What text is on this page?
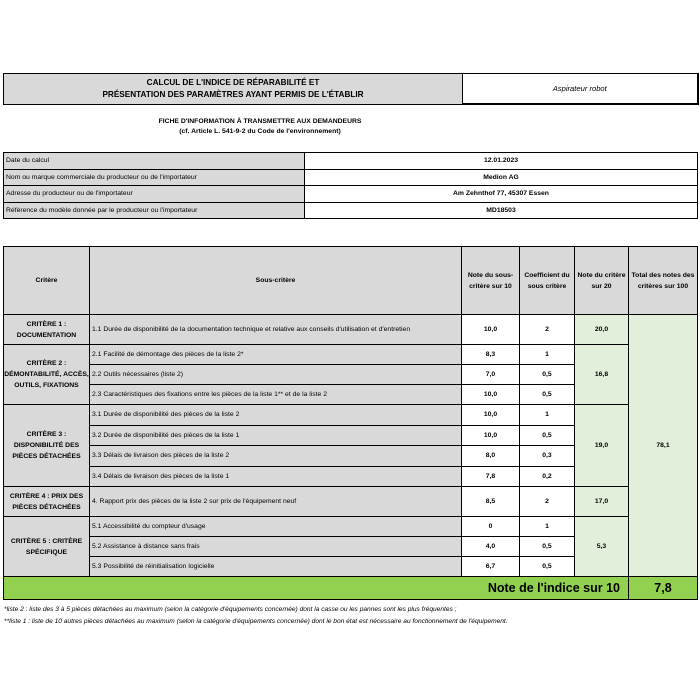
CALCUL DE L'INDICE DE RÉPARABILITÉ ET
PRÉSENTATION DES PARAMÈTRES AYANT PERMIS DE L'ÉTABLIR
	Aspirateur robot
FICHE D'INFORMATION À TRANSMETTRE AUX DEMANDEURS
(cf. Article L. 541-9-2 du Code de l'environnement)
Date du calcul	12.01.2023
Nom ou marque commerciale du producteur ou de l'importateur	Medion AG
Adresse du producteur ou de l'importateur	Am Zehnthof 77, 45307 Essen
Référence du modèle donnée par le producteur ou l'importateur	MD18503
Critère	Sous-critère	Note du sous-critère sur 10	Coefficient du sous critère	Note du critère sur 20	Total des notes des critères sur 100
CRITÈRE 1 : DOCUMENTATION	1.1 Durée de disponibilité de la documentation technique et relative aux conseils d'utilisation et d'entretien	10,0	2	20,0	78,1
CRITÈRE 2 : DÉMONTABILITÉ, ACCÈS, OUTILS, FIXATIONS	2.1 Facilité de démontage des pièces de la liste 2*	8,3	1	16,8	
	2.2 Outils nécessaires (liste 2)	7,0	0,5		
	2.3 Caractéristiques des fixations entre les pièces de la liste 1** et de la liste 2	10,0	0,5		
CRITÈRE 3 : DISPONIBILITÉ DES PIÈCES DÉTACHÉES	3.1 Durée de disponibilité des pièces de la liste 2	10,0	1	19,0	
	3.2 Durée de disponibilité des pièces de la liste 1	10,0	0,5		
	3.3 Délais de livraison des pièces de la liste 2	8,0	0,3		
	3.4 Délais de livraison des pièces de la liste 1	7,8	0,2		
CRITÈRE 4 : PRIX DES PIÈCES DÉTACHÉES	4. Rapport prix des pièces de la liste 2 sur prix de l'équipement neuf	8,5	2	17,0	
CRITÈRE 5 : CRITÈRE SPÉCIFIQUE	5.1 Accessibilité du compteur d'usage	0	1	5,3	
	5.2 Assistance à distance sans frais	4,0	0,5		
	5.3 Possibilité de réinitialisation logicielle	6,7	0,5		
Note de l'indice sur 10					7,8
*liste 2 : liste des 3 à 5 pièces détachées au maximum (selon la catégorie d'équipements concernée) dont la casse ou les pannes sont les plus fréquentes ;
**liste 1 : liste de 10 autres pièces détachées au maximum (selon la catégorie d'équipements concernée) dont le bon état est nécessaire au fonctionnement de l'équipement.
